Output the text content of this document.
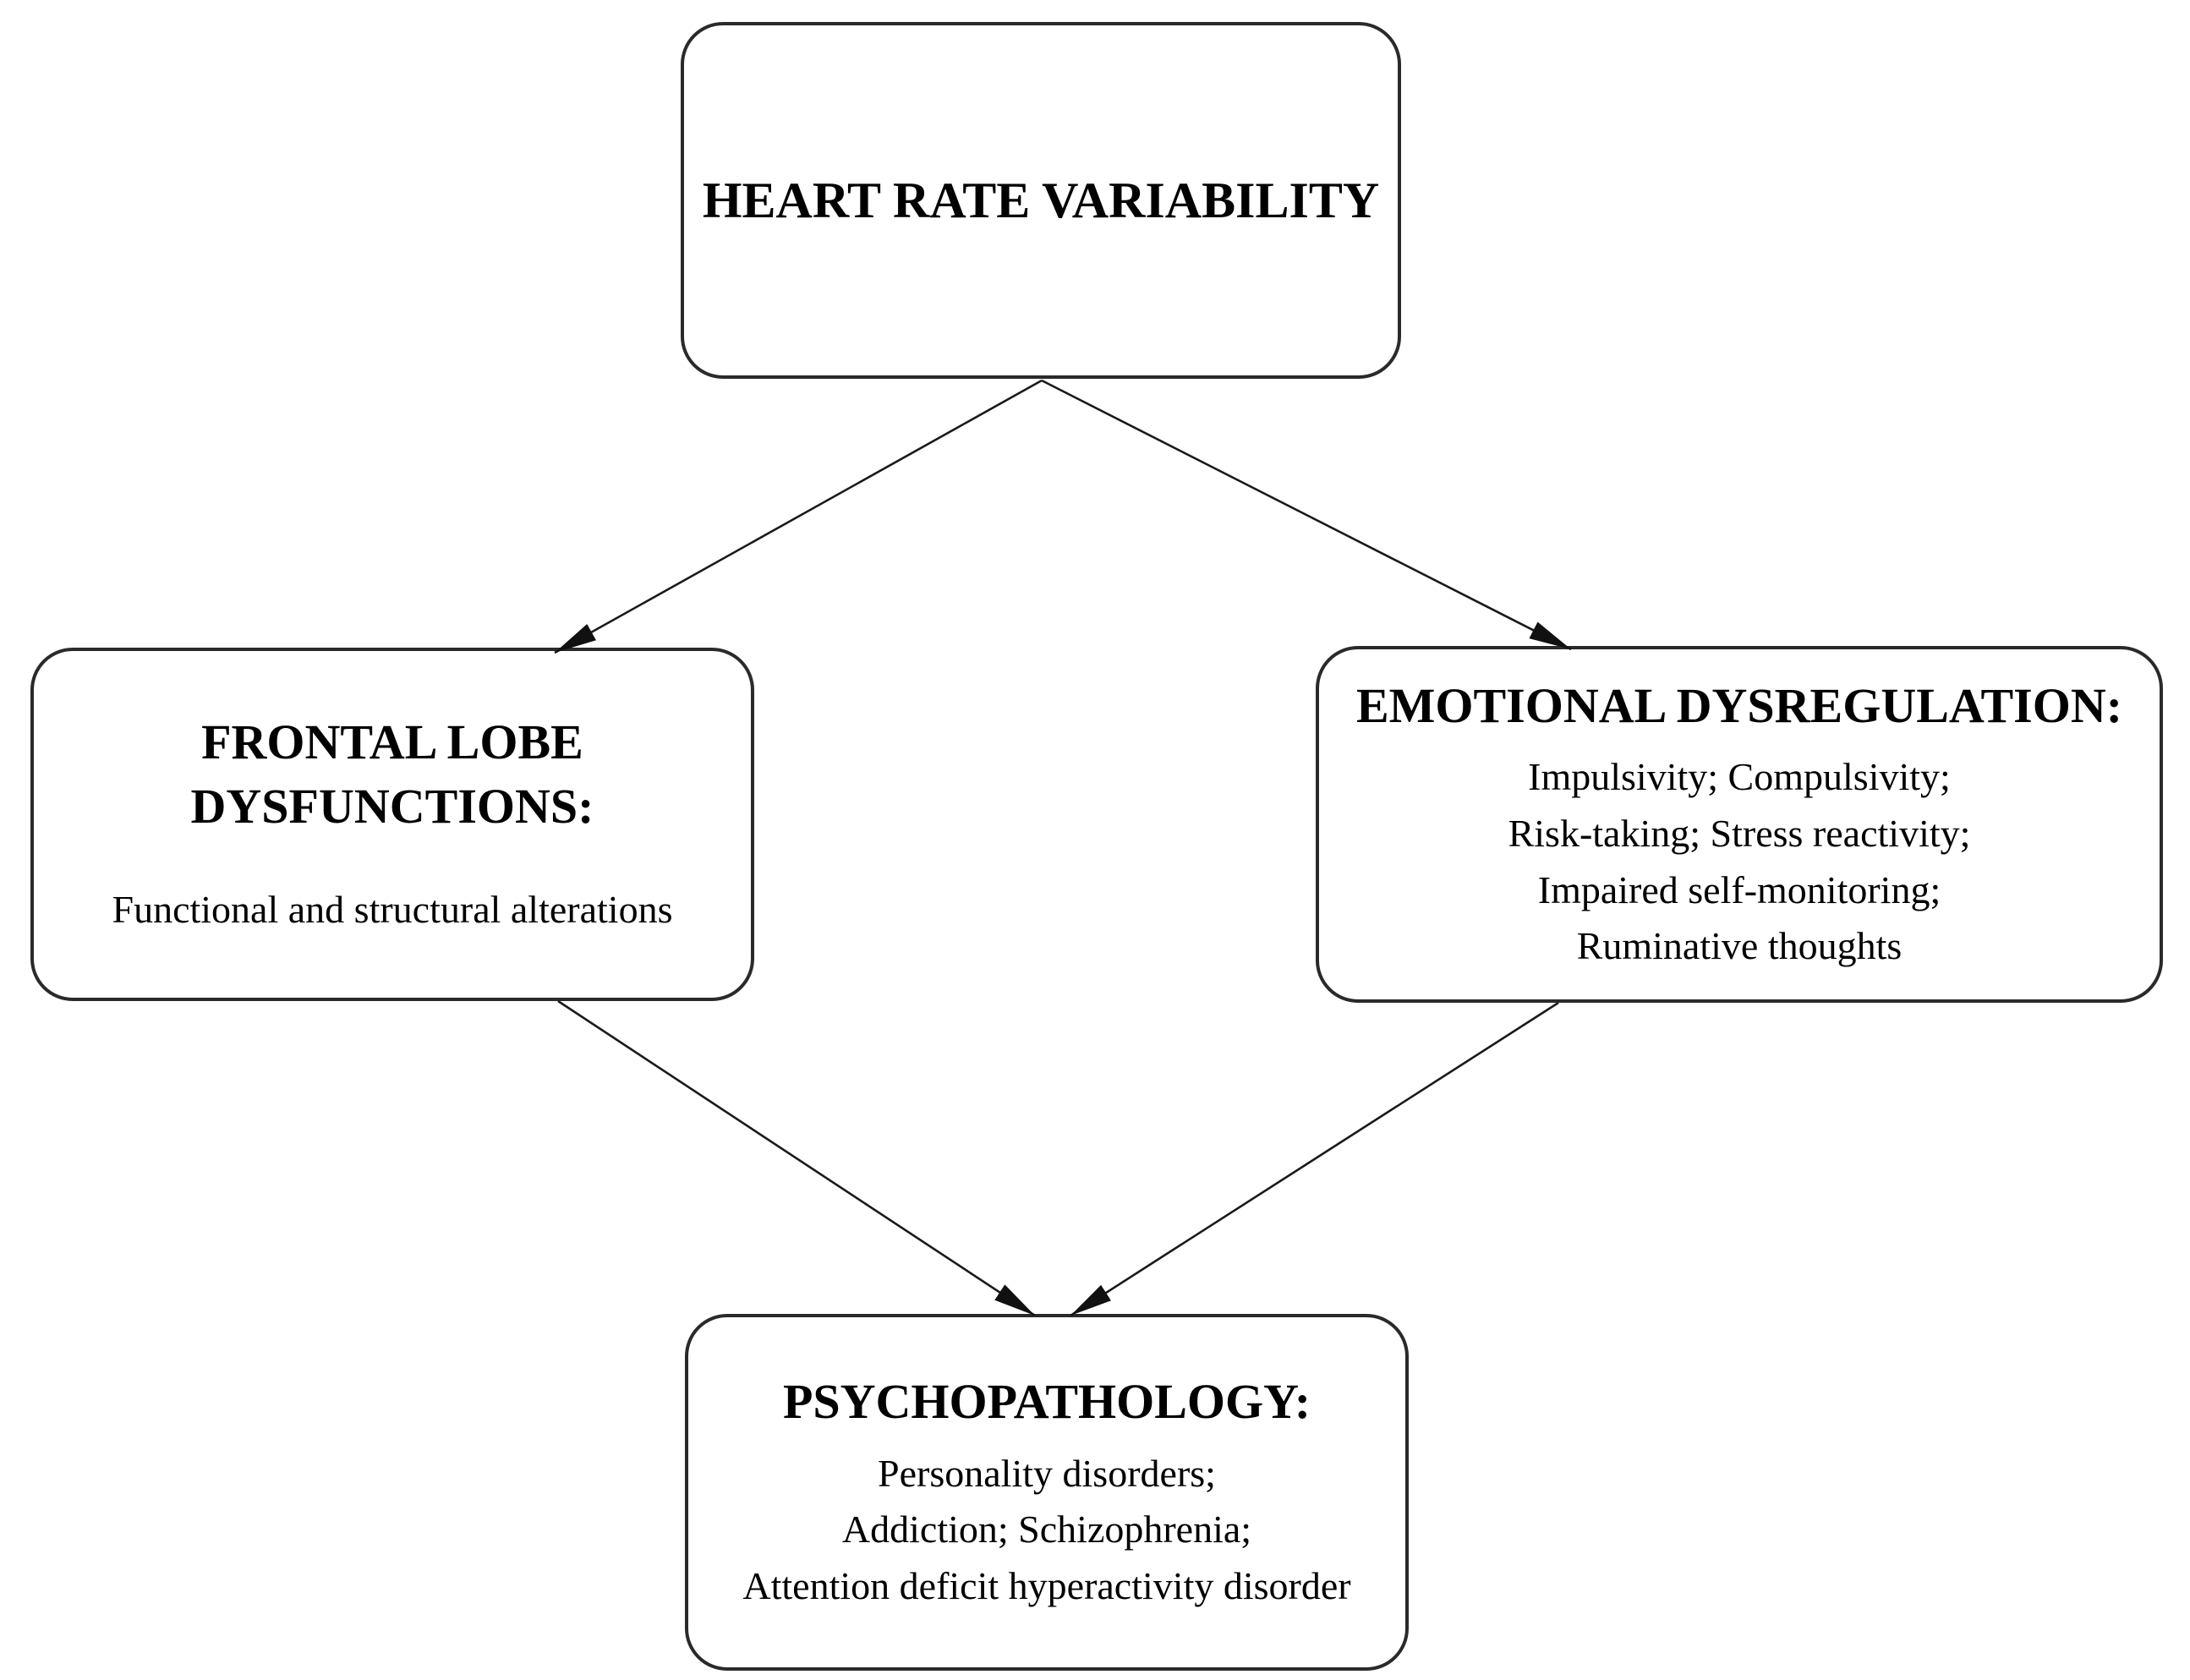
HEART RATE VARIABILITY
FRONTAL LOBE
DYSFUNCTIONS:
Functional and structural alterations
EMOTIONAL DYSREGULATION:
Impulsivity; Compulsivity;
Risk-taking; Stress reactivity;
Impaired self-monitoring;
Ruminative thoughts
PSYCHOPATHOLOGY:
Personality disorders;
Addiction; Schizophrenia;
Attention deficit hyperactivity disorder
